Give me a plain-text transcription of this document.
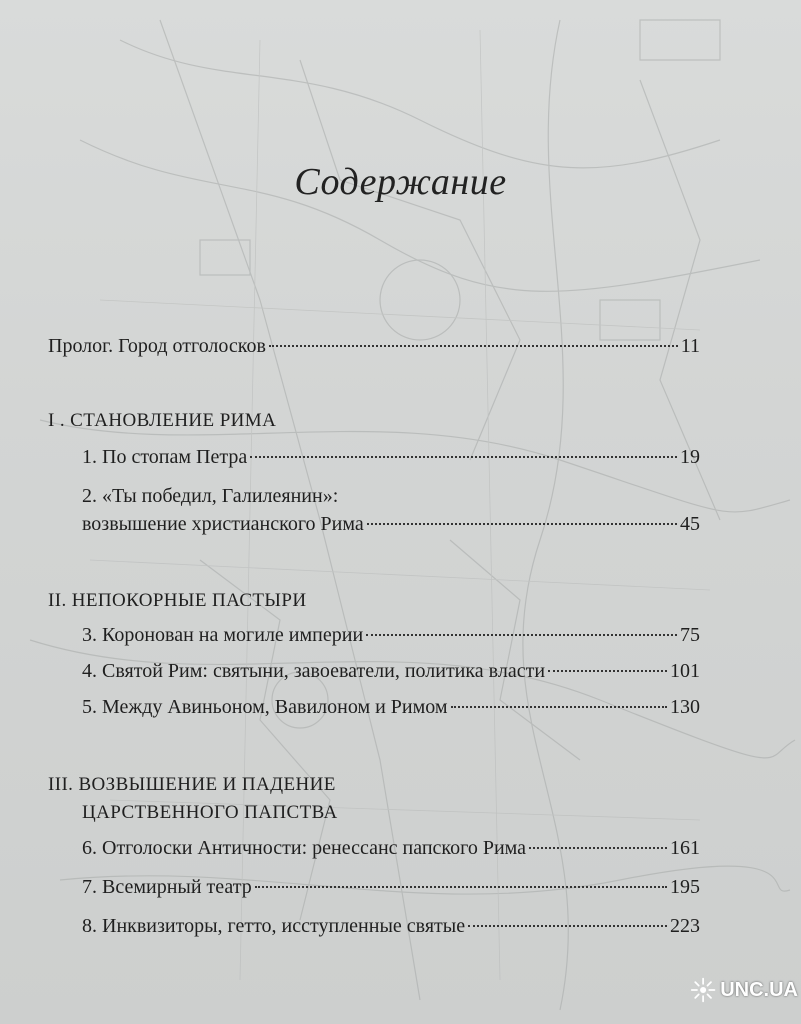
Содержание
Пролог. Город отголосков	11
I . СТАНОВЛЕНИЕ РИМА
1. По стопам Петра	19
2. «Ты победил, Галилеянин»:
возвышение христианского Рима	45
II. НЕПОКОРНЫЕ ПАСТЫРИ
3. Коронован на могиле империи	75
4. Святой Рим: святыни, завоеватели, политика власти	101
5. Между Авиньоном, Вавилоном и Римом	130
III. ВОЗВЫШЕНИЕ И ПАДЕНИЕ
ЦАРСТВЕННОГО ПАПСТВА
6. Отголоски Античности: ренессанс папского Рима	161
7. Всемирный театр	195
8. Инквизиторы, гетто, исступленные святые	223
UNC.UA
